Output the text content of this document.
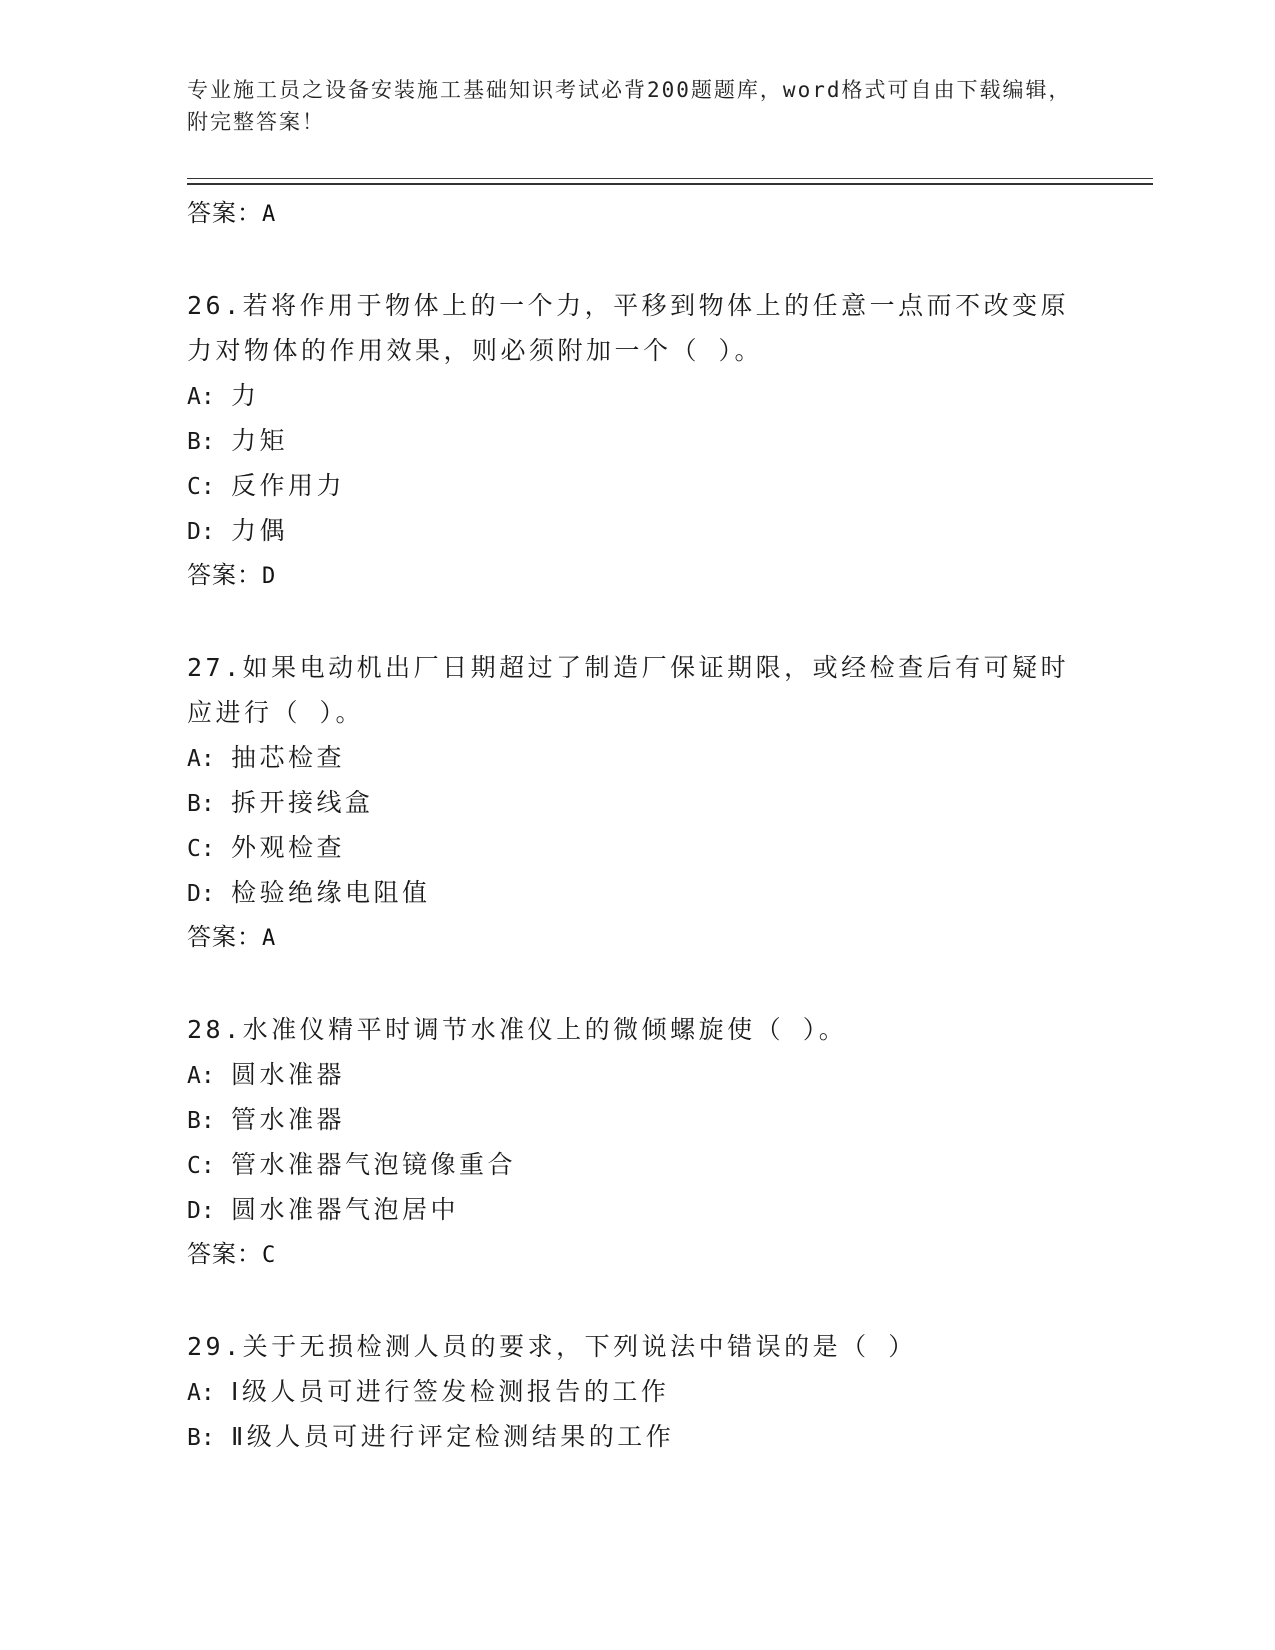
专业施工员之设备安装施工基础知识考试必背200题题库，word格式可自由下载编辑，附完整答案！
答案：A
26.若将作用于物体上的一个力，平移到物体上的任意一点而不改变原力对物体的作用效果，则必须附加一个（ ）。
A: 力
B: 力矩
C: 反作用力
D: 力偶
答案：D
27.如果电动机出厂日期超过了制造厂保证期限，或经检查后有可疑时应进行（ ）。
A: 抽芯检查
B: 拆开接线盒
C: 外观检查
D: 检验绝缘电阻值
答案：A
28.水准仪精平时调节水准仪上的微倾螺旋使（ ）。
A: 圆水准器
B: 管水准器
C: 管水准器气泡镜像重合
D: 圆水准器气泡居中
答案：C
29.关于无损检测人员的要求，下列说法中错误的是（ ）
A: Ⅰ级人员可进行签发检测报告的工作
B: Ⅱ级人员可进行评定检测结果的工作
